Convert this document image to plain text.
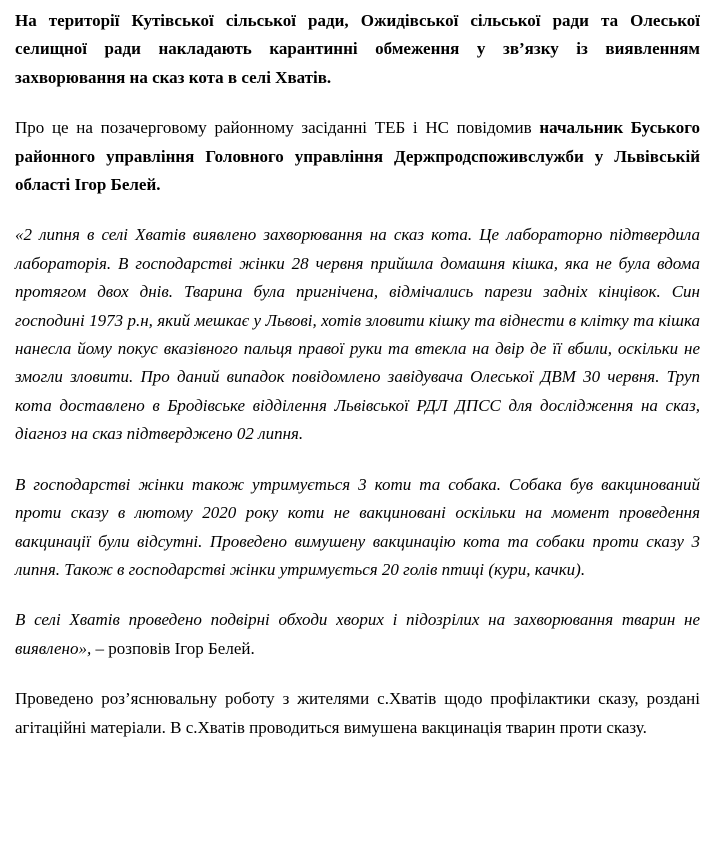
На території Кутівської сільської ради, Ожидівської сільської ради та Олеської селищної ради накладають карантинні обмеження у зв’язку із виявленням захворювання на сказ кота в селі Хватів.

Про це на позачерговому районному засіданні ТЕБ і НС повідомив начальник Буського районного управління Головного управління Держпродспоживслужби у Львівській області Ігор Белей.

«2 липня в селі Хватів виявлено захворювання на сказ кота. Це лабораторно підтвердила лабораторія. В господарстві жінки 28 червня прийшла домашня кішка, яка не була вдома протягом двох днів. Тварина була пригнічена, відмічались парези задніх кінцівок. Син господині 1973 р.н, який мешкає у Львові, хотів зловити кішку та віднести в клітку та кішка нанесла йому покус вказівного пальця правої руки та втекла на двір де її вбили, оскільки не змогли зловити. Про даний випадок повідомлено завідувача Олеської ДВМ 30 червня. Труп кота доставлено в Бродівське відділення Львівської РДЛ ДПСС для дослідження на сказ, діагноз на сказ підтверджено 02 липня.

В господарстві жінки також утримується 3 коти та собака. Собака був вакцинований проти сказу в лютому 2020 року коти не вакциновані оскільки на момент проведення вакцинації були відсутні. Проведено вимушену вакцинацію кота та собаки проти сказу 3 липня. Також в господарстві жінки утримується 20 голів птиці (кури, качки).

В селі Хватів проведено подвірні обходи хворих і підозрілих на захворювання тварин не виявлено», – розповів Ігор Белей.

Проведено роз’яснювальну роботу з жителями с.Хватів щодо профілактики сказу, роздані агітаційні матеріали. В с.Хватів проводиться вимушена вакцинація тварин проти сказу.
